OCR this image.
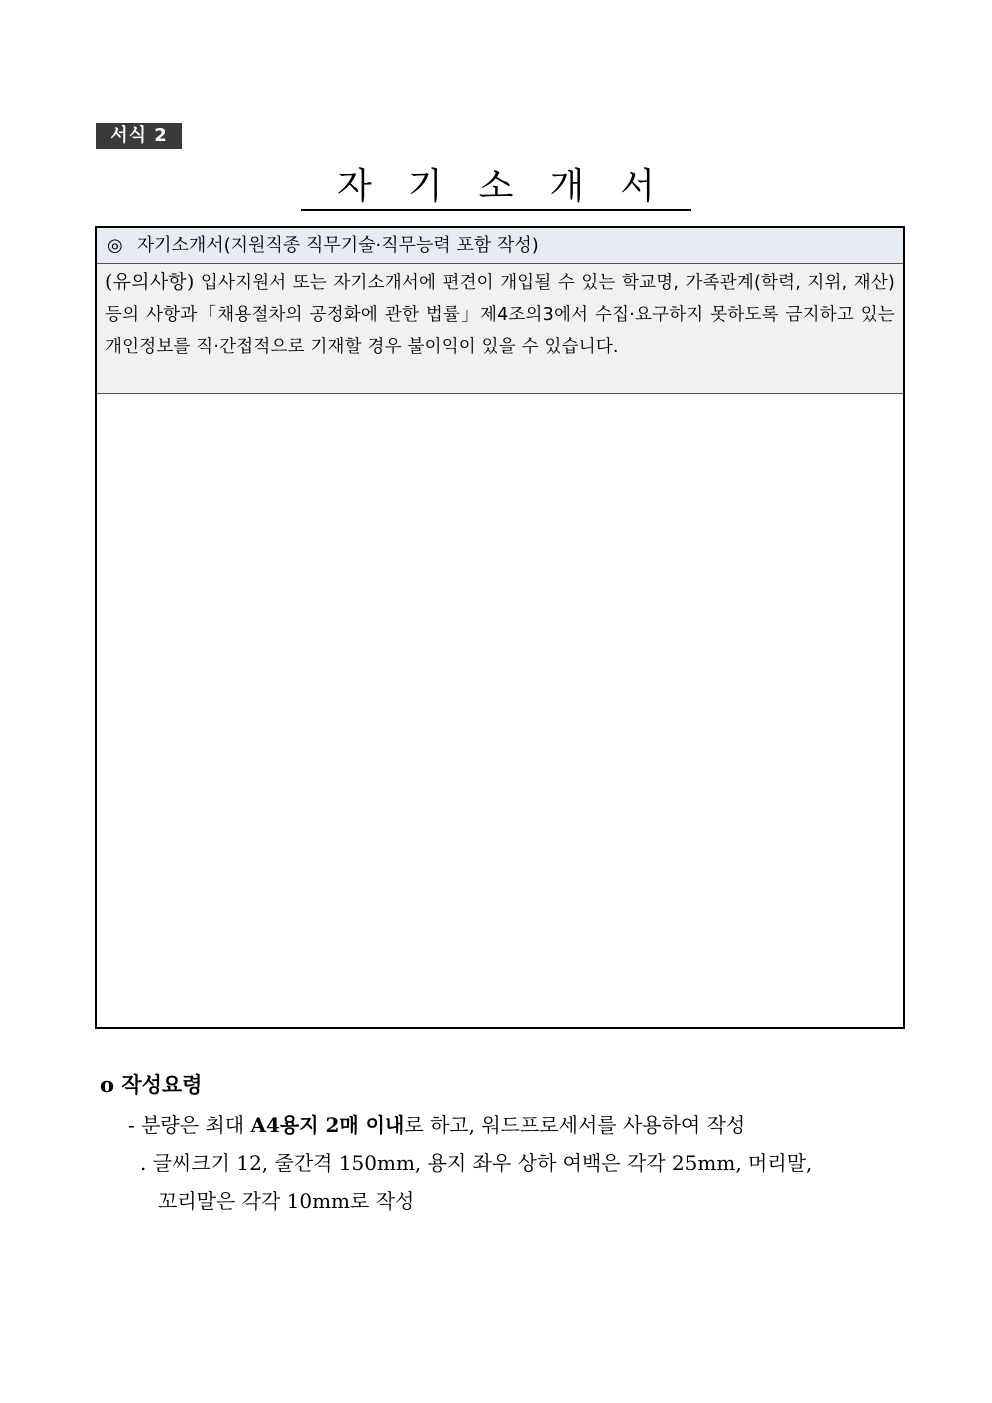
서식 2
자기소개서
◎ 자기소개서(지원직종 직무기술·직무능력 포함 작성)
(유의사항) 입사지원서 또는 자기소개서에 편견이 개입될 수 있는 학교명, 가족관계(학력, 지위, 재산) 등의 사항과「채용절차의 공정화에 관한 법률」제4조의3에서 수집·요구하지 못하도록 금지하고 있는 개인정보를 직·간접적으로 기재할 경우 불이익이 있을 수 있습니다.
o 작성요령
- 분량은 최대 A4용지 2매 이내로 하고, 워드프로세서를 사용하여 작성
. 글씨크기 12, 줄간격 150mm, 용지 좌우 상하 여백은 각각 25mm, 머리말,
꼬리말은 각각 10mm로 작성
